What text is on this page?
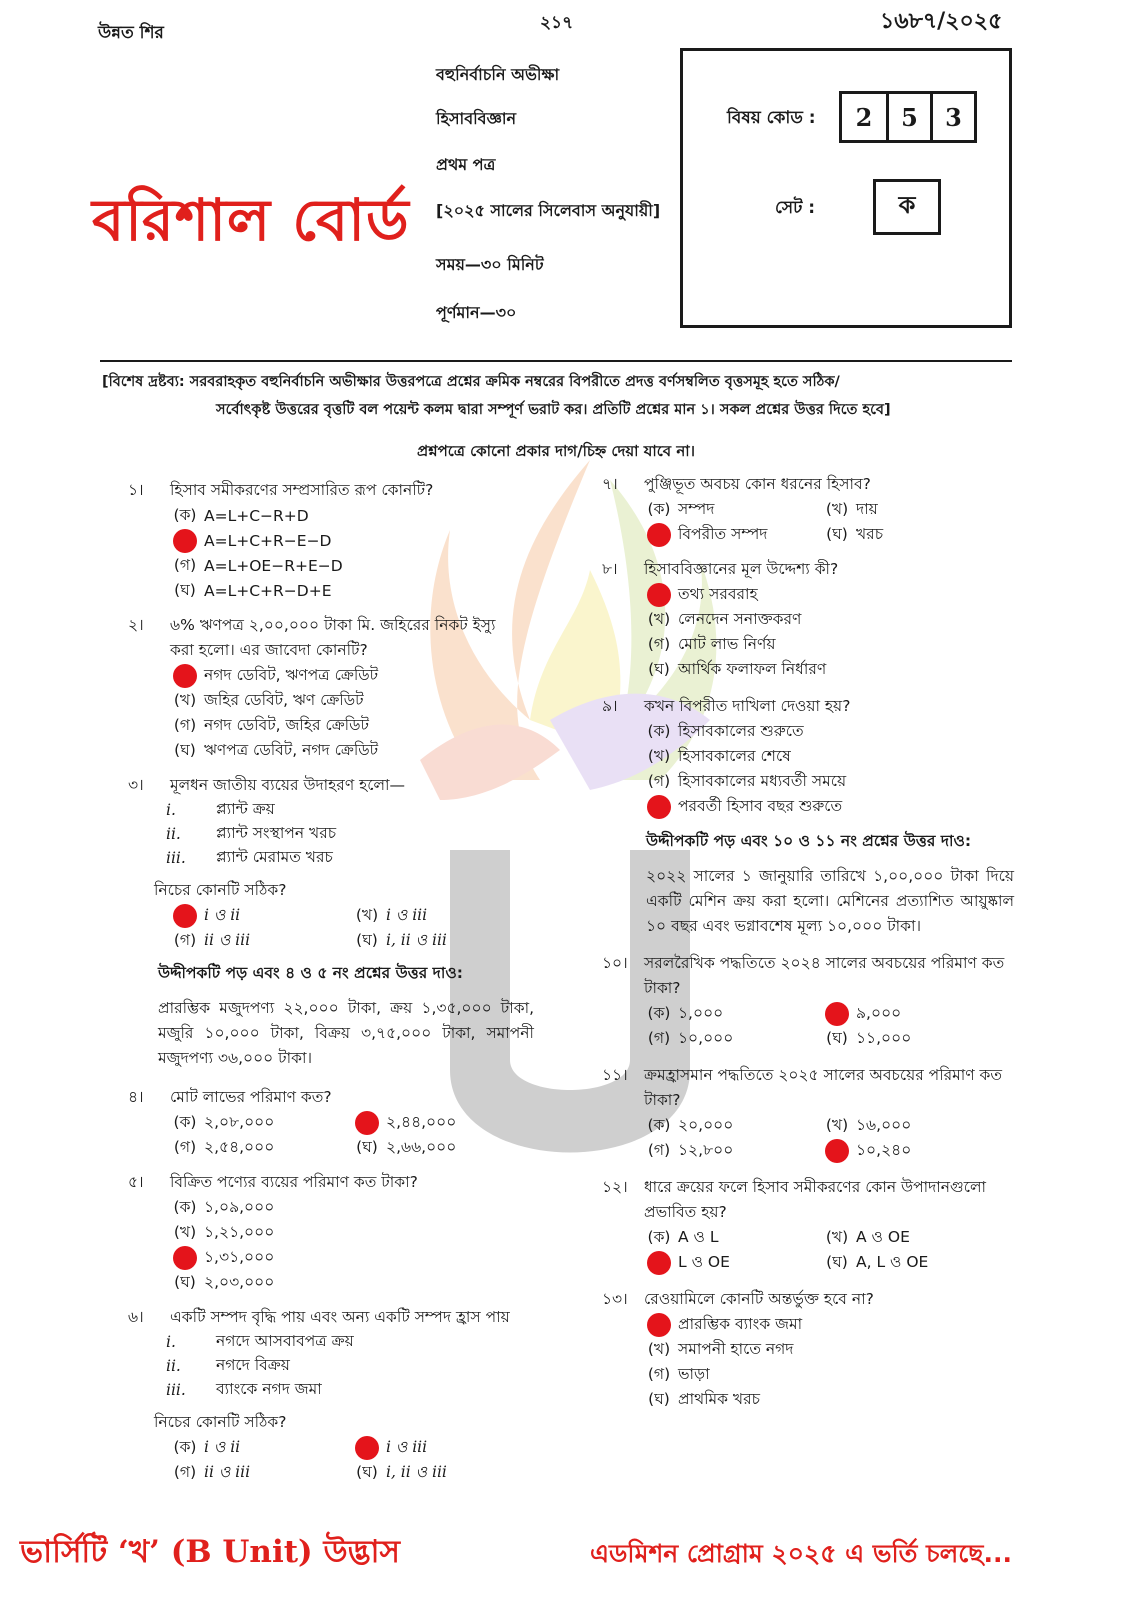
উন্নত শির	২১৭	১৬৮৭/২০২৫
বরিশাল বোর্ড
বহুনির্বাচনি অভীক্ষা
হিসাববিজ্ঞান
প্রথম পত্র
[২০২৫ সালের সিলেবাস অনুযায়ী]
সময়—৩০ মিনিট
পূর্ণমান—৩০
বিষয় কোড :	2	5	3
সেট :	ক
[বিশেষ দ্রষ্টব্য: সরবরাহকৃত বহুনির্বাচনি অভীক্ষার উত্তরপত্রে প্রশ্নের ক্রমিক নম্বরের বিপরীতে প্রদত্ত বর্ণসম্বলিত বৃত্তসমূহ হতে সঠিক/
সর্বোৎকৃষ্ট উত্তরের বৃত্তটি বল পয়েন্ট কলম দ্বারা সম্পূর্ণ ভরাট কর। প্রতিটি প্রশ্নের মান ১। সকল প্রশ্নের উত্তর দিতে হবে]
প্রশ্নপত্রে কোনো প্রকার দাগ/চিহ্ন দেয়া যাবে না।
১।	হিসাব সমীকরণের সম্প্রসারিত রূপ কোনটি?
(ক) A=L+C−R+D
A=L+C+R−E−D
(গ) A=L+OE−R+E−D
(ঘ) A=L+C+R−D+E
২।	৬% ঋণপত্র ২,০০,০০০ টাকা মি. জহিরের নিকট ইস্যু করা হলো। এর জাবেদা কোনটি?
নগদ ডেবিট, ঋণপত্র ক্রেডিট
(খ) জহির ডেবিট, ঋণ ক্রেডিট
(গ) নগদ ডেবিট, জহির ক্রেডিট
(ঘ) ঋণপত্র ডেবিট, নগদ ক্রেডিট
৩।	মূলধন জাতীয় ব্যয়ের উদাহরণ হলো—
i.	প্ল্যান্ট ক্রয়
ii.	প্ল্যান্ট সংস্থাপন খরচ
iii.	প্ল্যান্ট মেরামত খরচ
নিচের কোনটি সঠিক?
i ও ii	(খ) i ও iii
(গ) ii ও iii	(ঘ) i, ii ও iii
উদ্দীপকটি পড় এবং ৪ ও ৫ নং প্রশ্নের উত্তর দাও:
প্রারম্ভিক মজুদপণ্য ২২,০০০ টাকা, ক্রয় ১,৩৫,০০০ টাকা, মজুরি ১০,০০০ টাকা, বিক্রয় ৩,৭৫,০০০ টাকা, সমাপনী মজুদপণ্য ৩৬,০০০ টাকা।
৪।	মোট লাভের পরিমাণ কত?
(ক) ২,০৮,০০০	২,৪৪,০০০
(গ) ২,৫৪,০০০	(ঘ) ২,৬৬,০০০
৫।	বিক্রিত পণ্যের ব্যয়ের পরিমাণ কত টাকা?
(ক) ১,০৯,০০০
(খ) ১,২১,০০০
১,৩১,০০০
(ঘ) ২,০৩,০০০
৬।	একটি সম্পদ বৃদ্ধি পায় এবং অন্য একটি সম্পদ হ্রাস পায়
i.	নগদে আসবাবপত্র ক্রয়
ii.	নগদে বিক্রয়
iii.	ব্যাংকে নগদ জমা
নিচের কোনটি সঠিক?
(ক) i ও ii	i ও iii
(গ) ii ও iii	(ঘ) i, ii ও iii
৭।	পুঞ্জিভূত অবচয় কোন ধরনের হিসাব?
(ক) সম্পদ	(খ) দায়
বিপরীত সম্পদ	(ঘ) খরচ
৮।	হিসাববিজ্ঞানের মূল উদ্দেশ্য কী?
তথ্য সরবরাহ
(খ) লেনদেন সনাক্তকরণ
(গ) মোট লাভ নির্ণয়
(ঘ) আর্থিক ফলাফল নির্ধারণ
৯।	কখন বিপরীত দাখিলা দেওয়া হয়?
(ক) হিসাবকালের শুরুতে
(খ) হিসাবকালের শেষে
(গ) হিসাবকালের মধ্যবর্তী সময়ে
পরবর্তী হিসাব বছর শুরুতে
উদ্দীপকটি পড় এবং ১০ ও ১১ নং প্রশ্নের উত্তর দাও:
২০২২ সালের ১ জানুয়ারি তারিখে ১,০০,০০০ টাকা দিয়ে একটি মেশিন ক্রয় করা হলো। মেশিনের প্রত্যাশিত আয়ুষ্কাল ১০ বছর এবং ভগ্নাবশেষ মূল্য ১০,০০০ টাকা।
১০।	সরলরৈখিক পদ্ধতিতে ২০২৪ সালের অবচয়ের পরিমাণ কত টাকা?
(ক) ১,০০০	৯,০০০
(গ) ১০,০০০	(ঘ) ১১,০০০
১১।	ক্রমহ্রাসমান পদ্ধতিতে ২০২৫ সালের অবচয়ের পরিমাণ কত টাকা?
(ক) ২০,০০০	(খ) ১৬,০০০
(গ) ১২,৮০০	১০,২৪০
১২।	ধারে ক্রয়ের ফলে হিসাব সমীকরণের কোন উপাদানগুলো প্রভাবিত হয়?
(ক) A ও L	(খ) A ও OE
L ও OE	(ঘ) A, L ও OE
১৩।	রেওয়ামিলে কোনটি অন্তর্ভুক্ত হবে না?
প্রারম্ভিক ব্যাংক জমা
(খ) সমাপনী হাতে নগদ
(গ) ভাড়া
(ঘ) প্রাথমিক খরচ
ভার্সিটি ‘খ’ (B Unit) উদ্ভাস	এডমিশন প্রোগ্রাম ২০২৫ এ ভর্তি চলছে...
